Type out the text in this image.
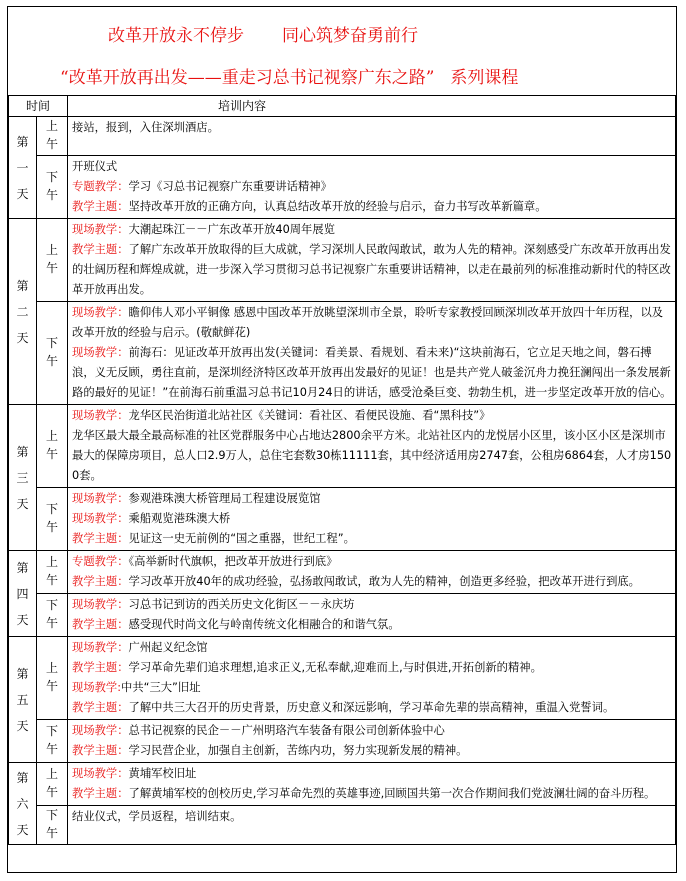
改革开放永不停步 同心筑梦奋勇前行
“改革开放再出发——重走习总书记视察广东之路” 系列课程
时间		培训内容
第一天	上午	接站，报到，入住深圳酒店。

	下午	开班仪式
专题教学：学习《习总书记视察广东重要讲话精神》
教学主题：坚持改革开放的正确方向，认真总结改革开放的经验与启示，奋力书写改革新篇章。

第二天	上午	现场教学：大潮起珠江－－广东改革开放40周年展览
教学主题：了解广东改革开放取得的巨大成就，学习深圳人民敢闯敢试，敢为人先的精神。深刻感受广东改革开放再出发的壮阔历程和辉煌成就，进一步深入学习贯彻习总书记视察广东重要讲话精神，以走在最前列的标准推动新时代的特区改革开放再出发。

	下午	现场教学：瞻仰伟人邓小平铜像 感恩中国改革开放眺望深圳市全景，聆听专家教授回顾深圳改革开放四十年历程，以及改革开放的经验与启示。(敬献鲜花)
现场教学：前海石：见证改革开放再出发(关键词：看美景、看规划、看未来)“这块前海石，它立足天地之间，磐石搏浪，义无反顾，勇往直前，是深圳经济特区改革开放再出发最好的见证！也是共产党人破釜沉舟力挽狂澜闯出一条发展新路的最好的见证！”在前海石前重温习总书记10月24日的讲话，感受沧桑巨变、勃勃生机，进一步坚定改革开放的信心。

第三天	上午	现场教学：龙华区民治街道北站社区《关键词：看社区、看便民设施、看“黑科技”》
龙华区最大最全最高标准的社区党群服务中心占地达2800余平方米。北站社区内的龙悦居小区里，该小区小区是深圳市最大的保障房项目，总人口2.9万人，总住宅套数30栋11111套，其中经济适用房2747套，公租房6864套，人才房1500套。

	下午	现场教学：参观港珠澳大桥管理局工程建设展览馆
现场教学：乘船观览港珠澳大桥
教学主题：见证这一史无前例的“国之重器，世纪工程”。

第四天	上午	专题教学：《高举新时代旗帜，把改革开放进行到底》
教学主题：学习改革开放40年的成功经验，弘扬敢闯敢试，敢为人先的精神，创造更多经验，把改革开进行到底。

	下午	现场教学：习总书记到访的西关历史文化街区－－永庆坊
教学主题：感受现代时尚文化与岭南传统文化相融合的和谐气氛。

第五天	上午	现场教学：广州起义纪念馆
教学主题：学习革命先辈们追求理想,追求正义,无私奉献,迎难而上,与时俱进,开拓创新的精神。
现场教学:中共“三大”旧址
教学主题：了解中共三大召开的历史背景，历史意义和深远影响，学习革命先辈的崇高精神，重温入党誓词。

	下午	现场教学：总书记视察的民企－－广州明珞汽车装备有限公司创新体验中心
教学主题：学习民营企业，加强自主创新，苦练内功，努力实现新发展的精神。

第六天	上午	现场教学：黄埔军校旧址
教学主题：了解黄埔军校的创校历史,学习革命先烈的英雄事迹,回顾国共第一次合作期间我们党波澜壮阔的奋斗历程。

	下午	结业仪式，学员返程，培训结束。
